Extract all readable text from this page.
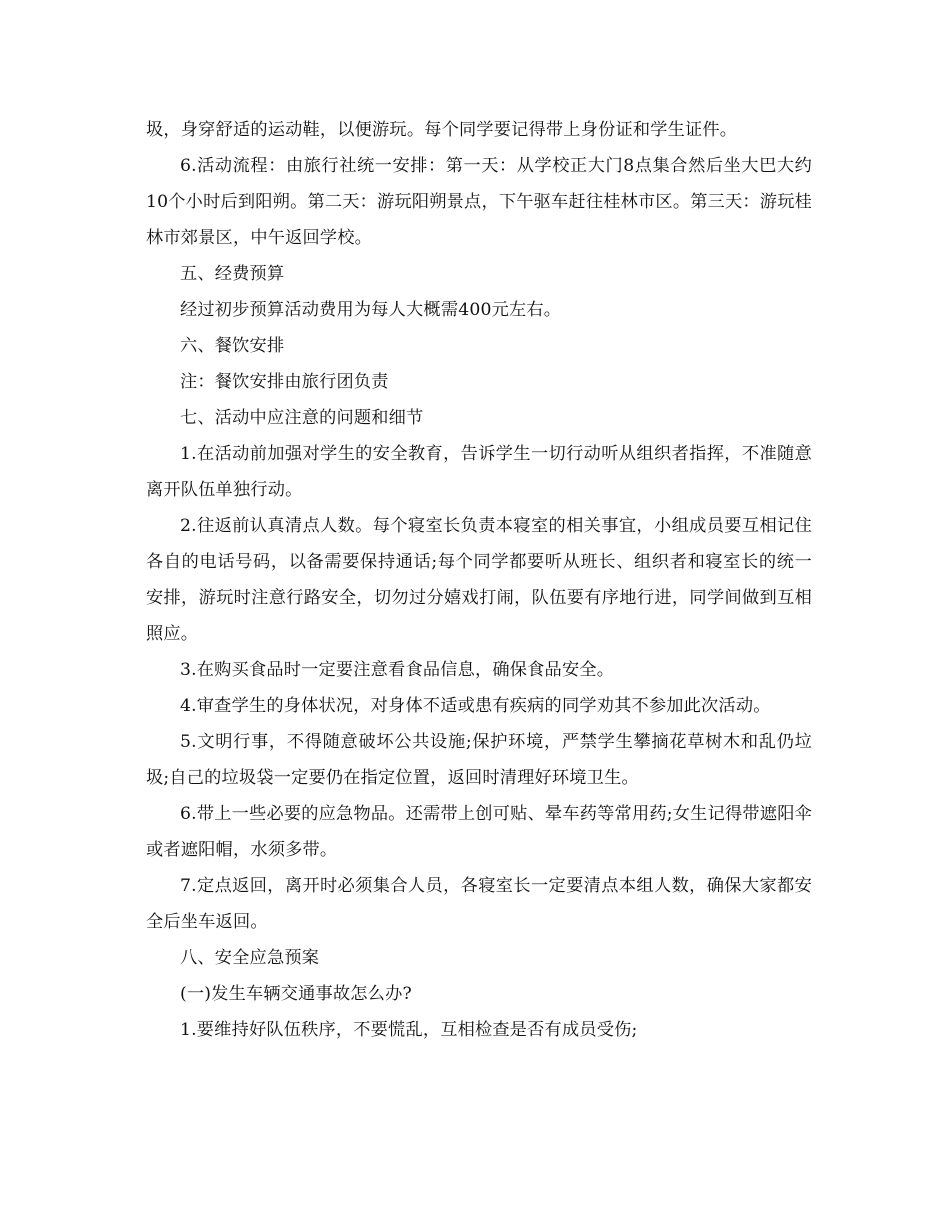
圾，身穿舒适的运动鞋，以便游玩。每个同学要记得带上身份证和学生证件。

6.活动流程：由旅行社统一安排：第一天：从学校正大门8点集合然后坐大巴大约10个小时后到阳朔。第二天：游玩阳朔景点，下午驱车赶往桂林市区。第三天：游玩桂林市郊景区，中午返回学校。

五、经费预算

经过初步预算活动费用为每人大概需400元左右。

六、餐饮安排

注：餐饮安排由旅行团负责

七、活动中应注意的问题和细节

1.在活动前加强对学生的安全教育，告诉学生一切行动听从组织者指挥，不准随意离开队伍单独行动。

2.往返前认真清点人数。每个寝室长负责本寝室的相关事宜，小组成员要互相记住各自的电话号码，以备需要保持通话;每个同学都要听从班长、组织者和寝室长的统一安排，游玩时注意行路安全，切勿过分嬉戏打闹，队伍要有序地行进，同学间做到互相照应。

3.在购买食品时一定要注意看食品信息，确保食品安全。

4.审查学生的身体状况，对身体不适或患有疾病的同学劝其不参加此次活动。

5.文明行事，不得随意破坏公共设施;保护环境，严禁学生攀摘花草树木和乱仍垃圾;自己的垃圾袋一定要仍在指定位置，返回时清理好环境卫生。

6.带上一些必要的应急物品。还需带上创可贴、晕车药等常用药;女生记得带遮阳伞或者遮阳帽，水须多带。

7.定点返回，离开时必须集合人员，各寝室长一定要清点本组人数，确保大家都安全后坐车返回。

八、安全应急预案

(一)发生车辆交通事故怎么办?

1.要维持好队伍秩序，不要慌乱，互相检查是否有成员受伤;
